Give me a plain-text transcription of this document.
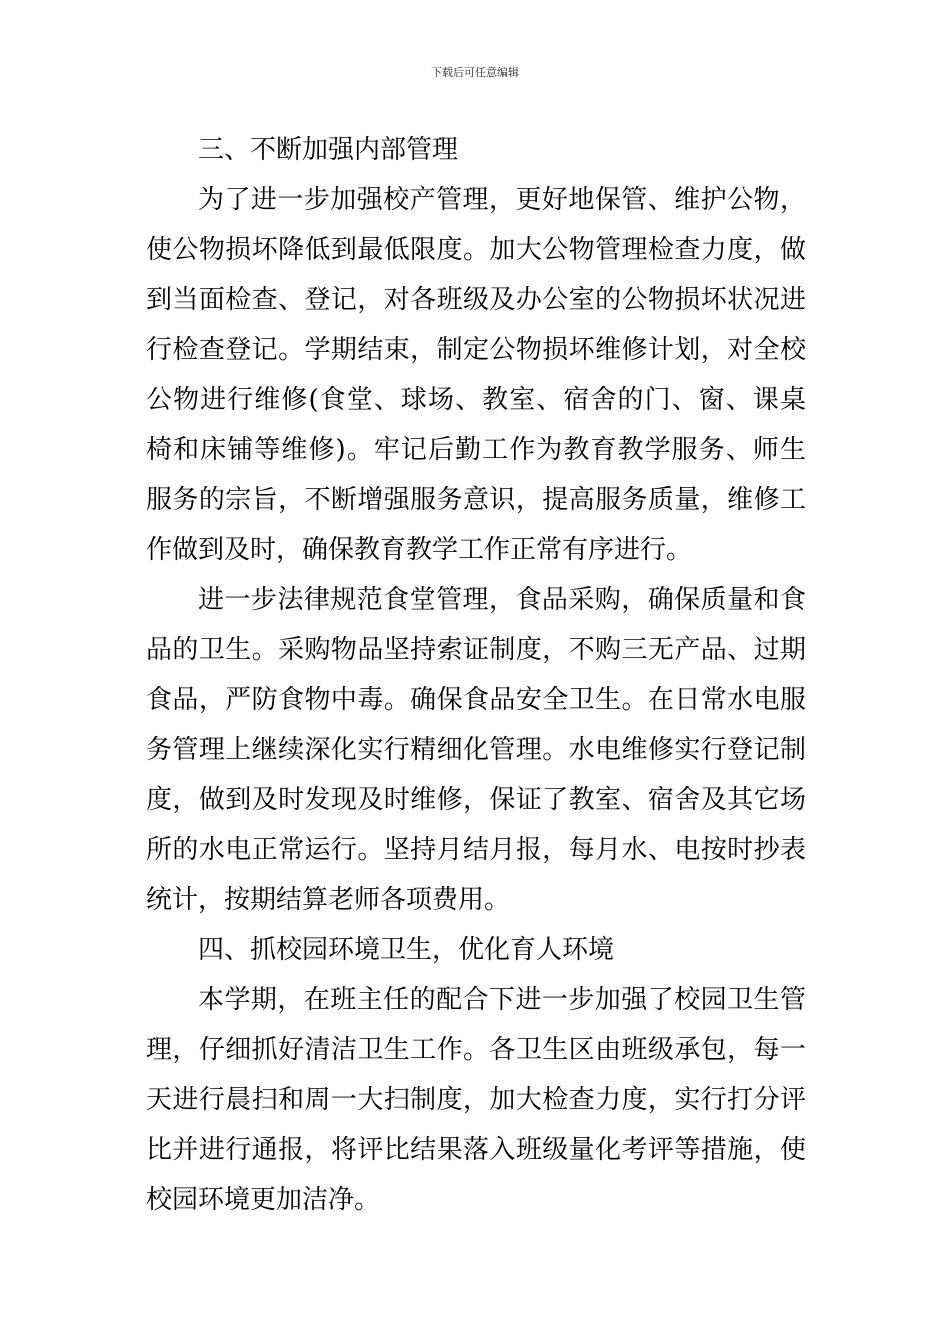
下载后可任意编辑

三、不断加强内部管理

为了进一步加强校产管理，更好地保管、维护公物，使公物损坏降低到最低限度。加大公物管理检查力度，做到当面检查、登记，对各班级及办公室的公物损坏状况进行检查登记。学期结束，制定公物损坏维修计划，对全校公物进行维修(食堂、球场、教室、宿舍的门、窗、课桌椅和床铺等维修)。牢记后勤工作为教育教学服务、师生服务的宗旨，不断增强服务意识，提高服务质量，维修工作做到及时，确保教育教学工作正常有序进行。

进一步法律规范食堂管理，食品采购，确保质量和食品的卫生。采购物品坚持索证制度，不购三无产品、过期食品，严防食物中毒。确保食品安全卫生。在日常水电服务管理上继续深化实行精细化管理。水电维修实行登记制度，做到及时发现及时维修，保证了教室、宿舍及其它场所的水电正常运行。坚持月结月报，每月水、电按时抄表统计，按期结算老师各项费用。

四、抓校园环境卫生，优化育人环境

本学期，在班主任的配合下进一步加强了校园卫生管理，仔细抓好清洁卫生工作。各卫生区由班级承包，每一天进行晨扫和周一大扫制度，加大检查力度，实行打分评比并进行通报，将评比结果落入班级量化考评等措施，使校园环境更加洁净。
